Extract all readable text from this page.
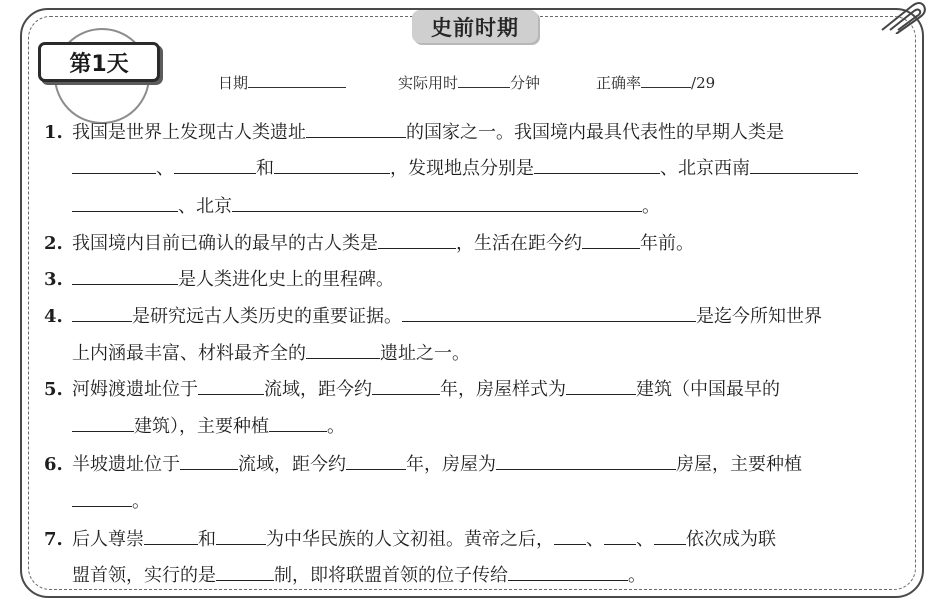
史前时期
第1天
日期	实际用时	分钟	正确率	/29
1. 我国是世界上发现古人类遗址	的国家之一。我国境内最具代表性的早期人类是
、	和	，发现地点分别是	、北京西南
、北京	。
2. 我国境内目前已确认的最早的古人类是	，生活在距今约	年前。
3.	是人类进化史上的里程碑。
4.	是研究远古人类历史的重要证据。	是迄今所知世界
上内涵最丰富、材料最齐全的	遗址之一。
5. 河姆渡遗址位于	流域，距今约	年，房屋样式为	建筑（中国最早的
建筑），主要种植	。
6. 半坡遗址位于	流域，距今约	年，房屋为	房屋，主要种植
。
7. 后人尊崇	和	为中华民族的人文初祖。黄帝之后， 、 、 依次成为联
盟首领，实行的是	制，即将联盟首领的位子传给	。
